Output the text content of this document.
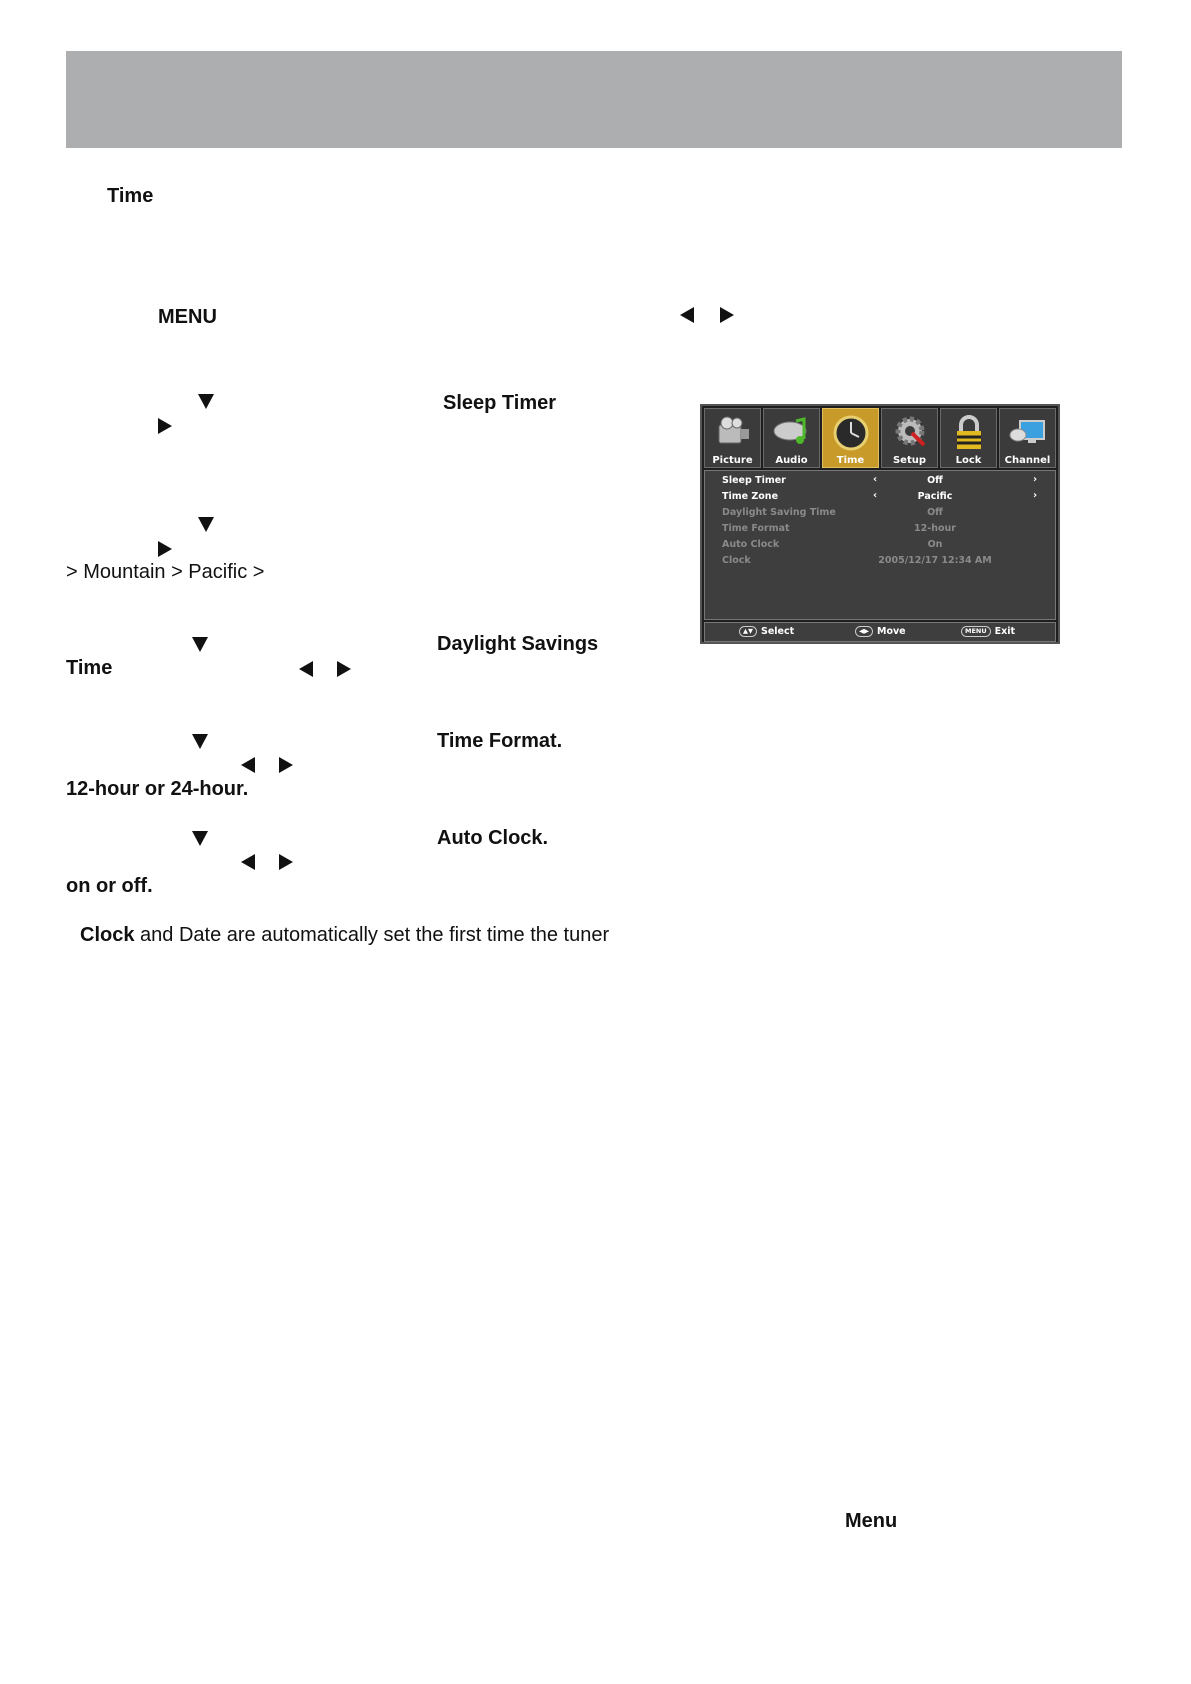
Time
MENU
Sleep Timer
> Mountain > Pacific >
Daylight Savings
Time
Time Format.
12-hour or 24-hour.
Auto Clock.
on or off.
Clock and Date are automatically set the first time the tuner
Menu
Picture	Audio	Time	Setup	Lock	Channel
Sleep Timer	‹	Off	›
Time Zone	‹	Pacific	›
Daylight Saving Time	Off
Time Format	12-hour
Auto Clock	On
Clock	2005/12/17 12:34 AM
▲▼ Select	◀▶ Move	MENU Exit
